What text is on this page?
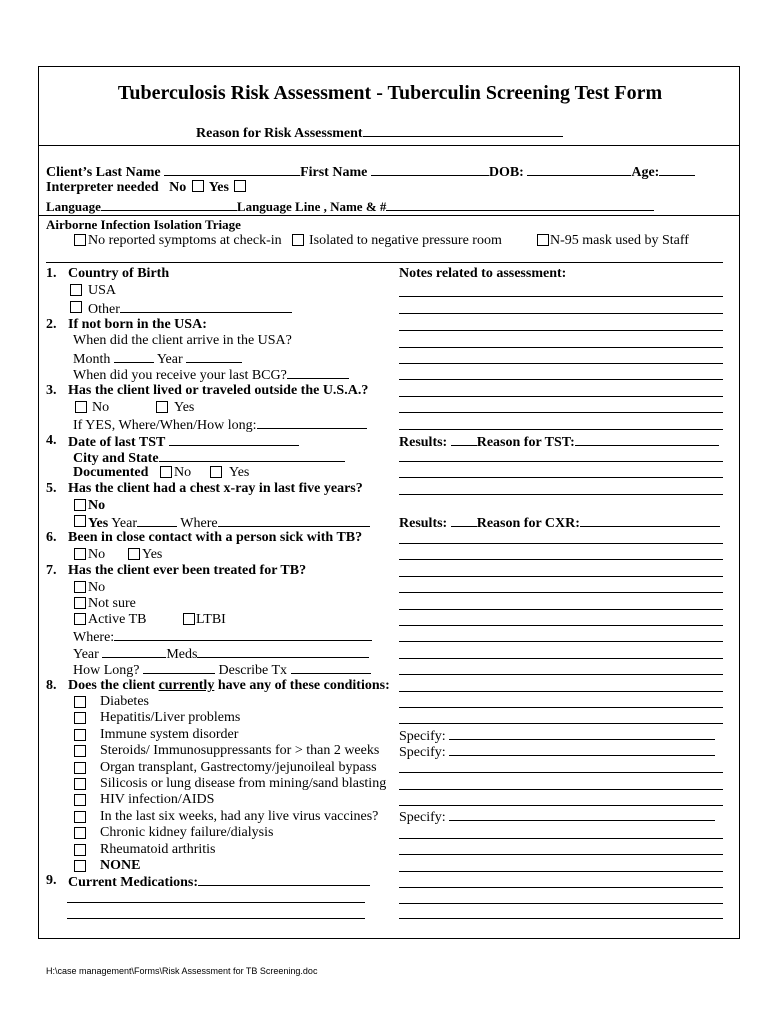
Tuberculosis Risk Assessment - Tuberculin Screening Test Form
Reason for Risk Assessment
Client’s Last Name	First Name	DOB:	Age:
Interpreter needed No Yes
Language	Language Line , Name & #
Airborne Infection Isolation Triage
No reported symptoms at check-in Isolated to negative pressure room	N-95 mask used by Staff
1. Country of Birth
USA
Other
2. If not born in the USA:
When did the client arrive in the USA?
Month	Year
When did you receive your last BCG?
3. Has the client lived or traveled outside the U.S.A.?
No	Yes
If YES, Where/When/How long:
4. Date of last TST
City and State
Documented No	Yes
5. Has the client had a chest x-ray in last five years?
No
Yes Year	Where
6. Been in close contact with a person sick with TB?
No	Yes
7. Has the client ever been treated for TB?
No
Not sure
Active TB	LTBI
Where:
Year	Meds
How Long?	Describe Tx
8. Does the client currently have any of these conditions:
Diabetes
Hepatitis/Liver problems
Immune system disorder
Steroids/ Immunosuppressants for > than 2 weeks
Organ transplant, Gastrectomy/jejunoileal bypass
Silicosis or lung disease from mining/sand blasting
HIV infection/AIDS
In the last six weeks, had any live virus vaccines?
Chronic kidney failure/dialysis
Rheumatoid arthritis
NONE
9. Current Medications:
Notes related to assessment:
Results: Reason for TST:
Results: Reason for CXR:
Specify:
Specify:
Specify:
H:\case management\Forms\Risk Assessment for TB Screening.doc
